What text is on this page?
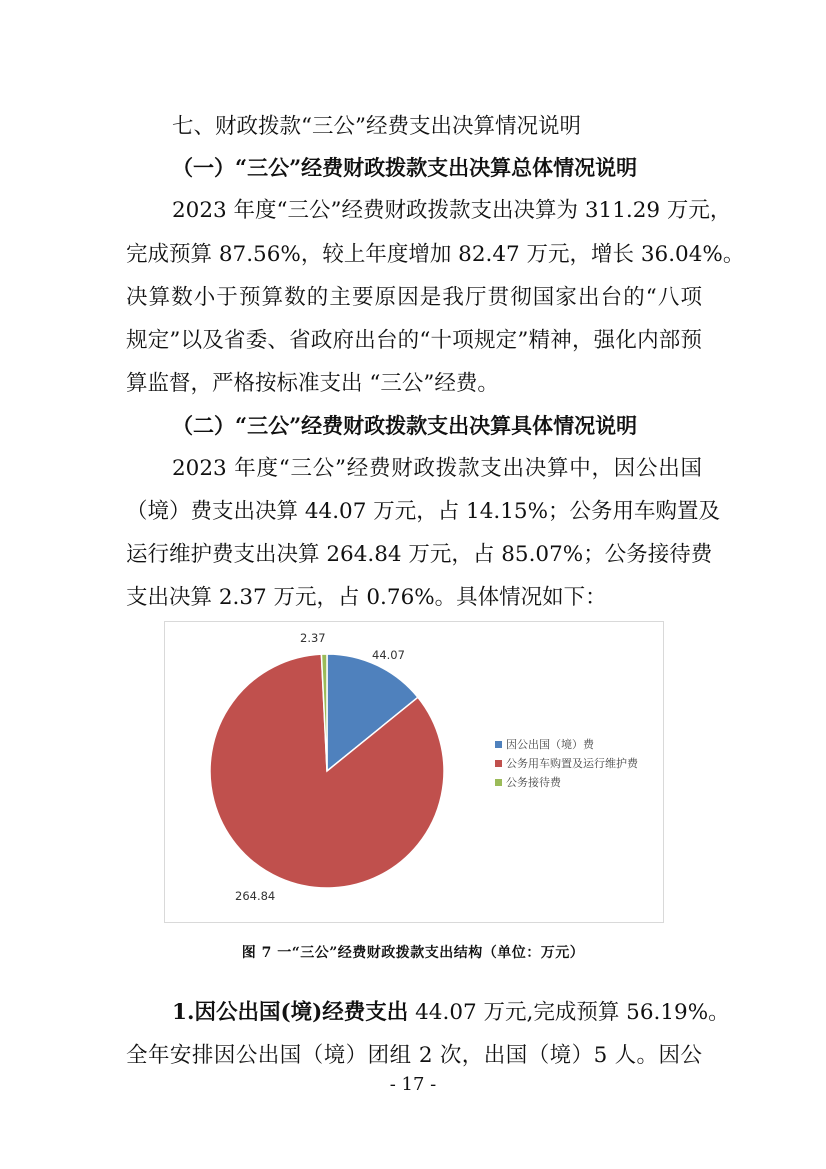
七、财政拨款“三公”经费支出决算情况说明
（一）“三公”经费财政拨款支出决算总体情况说明
2023 年度“三公”经费财政拨款支出决算为 311.29 万元，
完成预算 87.56%，较上年度增加 82.47 万元，增长 36.04%。
决算数小于预算数的主要原因是我厅贯彻国家出台的“八项
规定”以及省委、省政府出台的“十项规定”精神，强化内部预
算监督，严格按标准支出 “三公”经费。
（二）“三公”经费财政拨款支出决算具体情况说明
2023 年度“三公”经费财政拨款支出决算中，因公出国
（境）费支出决算 44.07 万元，占 14.15%；公务用车购置及
运行维护费支出决算 264.84 万元，占 85.07%；公务接待费
支出决算 2.37 万元，占 0.76%。具体情况如下：
44.07
264.84
2.37
因公出国（境）费
公务用车购置及运行维护费
公务接待费
图 7 一“三公”经费财政拨款支出结构（单位：万元）
1.因公出国(境)经费支出 44.07 万元,完成预算 56.19%。
全年安排因公出国（境）团组 2 次，出国（境）5 人。因公
- 17 -
